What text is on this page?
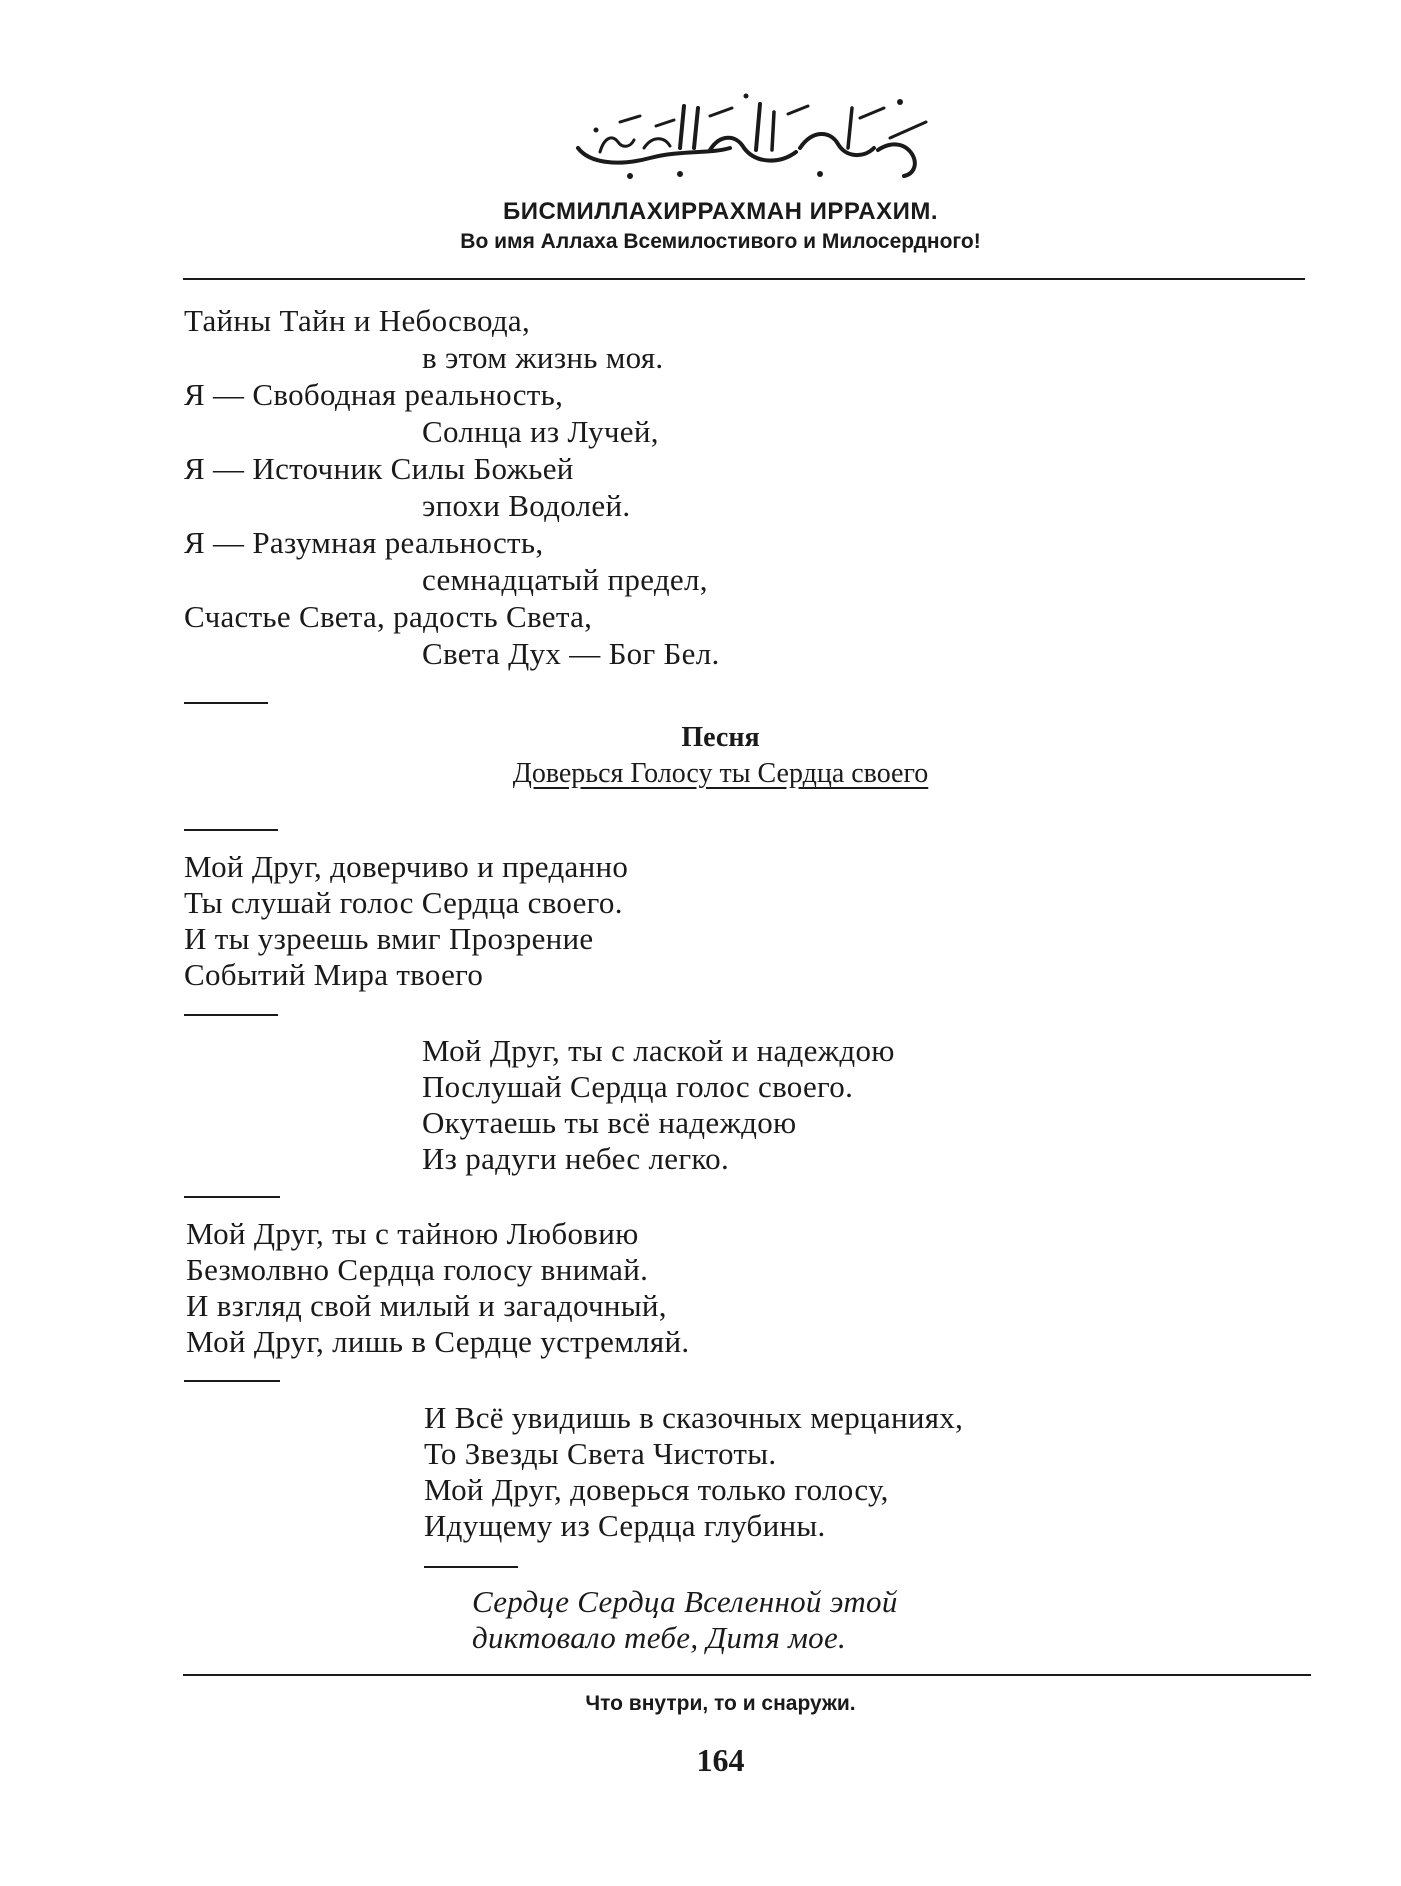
БИСМИЛЛАХИРРАХМАН ИРРАХИМ.
Во имя Аллаха Всемилостивого и Милосердного!
Тайны Тайн и Небосвода,
в этом жизнь моя.
Я — Свободная реальность,
Солнца из Лучей,
Я — Источник Силы Божьей
эпохи Водолей.
Я — Разумная реальность,
семнадцатый предел,
Счастье Света, радость Света,
Света Дух — Бог Бел.
Песня
Доверься Голосу ты Сердца своего
Мой Друг, доверчиво и преданно
Ты слушай голос Сердца своего.
И ты узреешь вмиг Прозрение
Событий Мира твоего
Мой Друг, ты с лаской и надеждою
Послушай Сердца голос своего.
Окутаешь ты всё надеждою
Из радуги небес легко.
Мой Друг, ты с тайною Любовию
Безмолвно Сердца голосу внимай.
И взгляд свой милый и загадочный,
Мой Друг, лишь в Сердце устремляй.
И Всё увидишь в сказочных мерцаниях,
То Звезды Света Чистоты.
Мой Друг, доверься только голосу,
Идущему из Сердца глубины.
Сердце Сердца Вселенной этой
диктовало тебе, Дитя мое.
Что внутри, то и снаружи.
164
